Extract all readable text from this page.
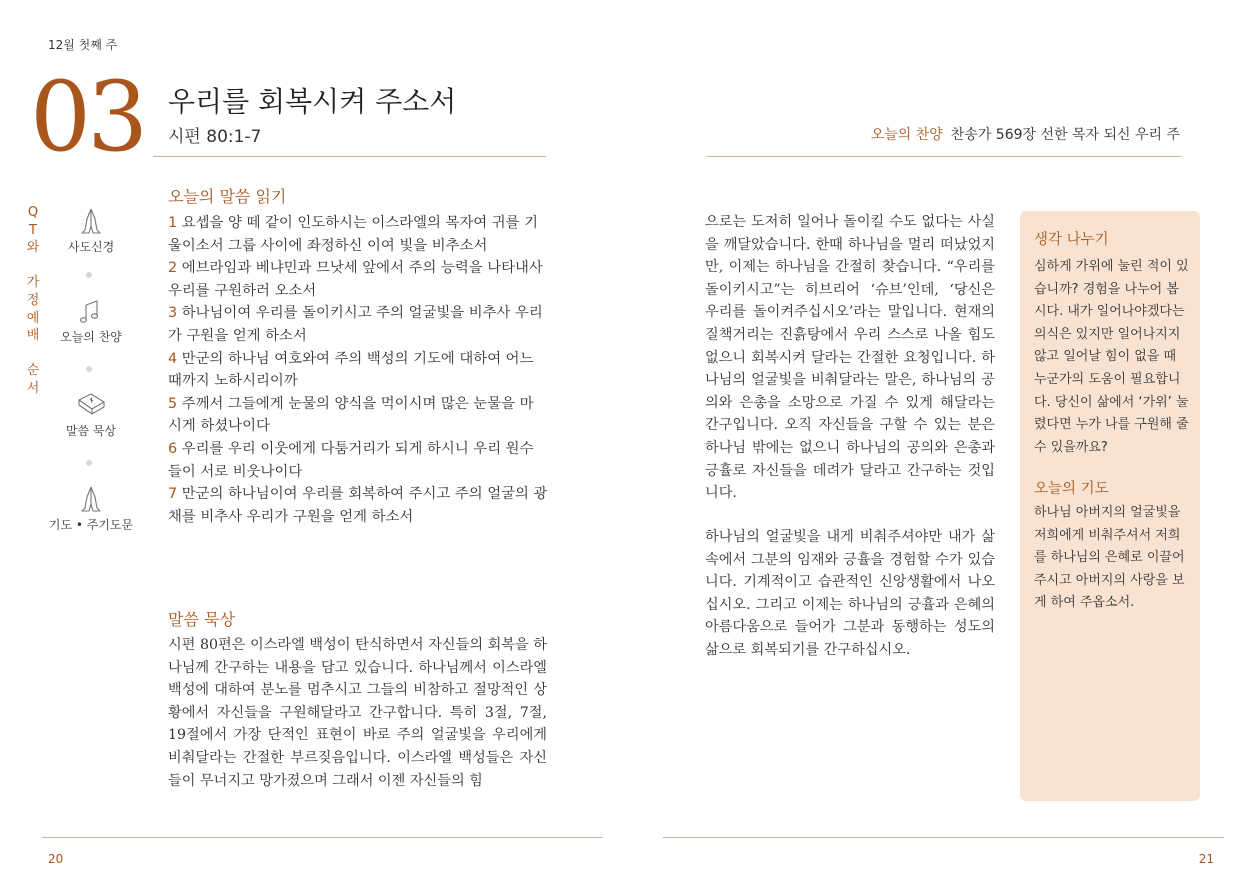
12월 첫째 주
03 우리를 회복시켜 주소서
시편 80:1-7	오늘의 찬양 찬송가 569장 선한 목자 되신 우리 주
Q
T
와
가
정
예
배
순
서
사도신경
오늘의 찬양
말씀 묵상
기도 • 주기도문
오늘의 말씀 읽기
1 요셉을 양 떼 같이 인도하시는 이스라엘의 목자여 귀를 기
울이소서 그룹 사이에 좌정하신 이여 빛을 비추소서
2 에브라임과 베냐민과 므낫세 앞에서 주의 능력을 나타내사
우리를 구원하러 오소서
3 하나님이여 우리를 돌이키시고 주의 얼굴빛을 비추사 우리
가 구원을 얻게 하소서
4 만군의 하나님 여호와여 주의 백성의 기도에 대하여 어느
때까지 노하시리이까
5 주께서 그들에게 눈물의 양식을 먹이시며 많은 눈물을 마
시게 하셨나이다
6 우리를 우리 이웃에게 다툼거리가 되게 하시니 우리 원수
들이 서로 비웃나이다
7 만군의 하나님이여 우리를 회복하여 주시고 주의 얼굴의 광
채를 비추사 우리가 구원을 얻게 하소서
말씀 묵상
시편 80편은 이스라엘 백성이 탄식하면서 자신들의 회복을 하나님께 간구하는 내용을 담고 있습니다. 하나님께서 이스라엘 백성에 대하여 분노를 멈추시고 그들의 비참하고 절망적인 상황에서 자신들을 구원해달라고 간구합니다. 특히 3절, 7절, 19절에서 가장 단적인 표현이 바로 주의 얼굴빛을 우리에게 비춰달라는 간절한 부르짖음입니다. 이스라엘 백성들은 자신들이 무너지고 망가졌으며 그래서 이젠 자신들의 힘
으로는 도저히 일어나 돌이킬 수도 없다는 사실을 깨달았습니다. 한때 하나님을 멀리 떠났었지만, 이제는 하나님을 간절히 찾습니다. “우리를 돌이키시고”는 히브리어 ‘슈브’인데, ‘당신은 우리를 돌이켜주십시오’라는 말입니다. 현재의 질책거리는 진흙탕에서 우리 스스로 나올 힘도 없으니 회복시켜 달라는 간절한 요청입니다. 하나님의 얼굴빛을 비춰달라는 말은, 하나님의 공의와 은총을 소망으로 가질 수 있게 해달라는 간구입니다. 오직 자신들을 구할 수 있는 분은 하나님 밖에는 없으니 하나님의 공의와 은총과 긍휼로 자신들을 데려가 달라고 간구하는 것입니다.
하나님의 얼굴빛을 내게 비춰주셔야만 내가 삶속에서 그분의 임재와 긍휼을 경험할 수가 있습니다. 기계적이고 습관적인 신앙생활에서 나오십시오. 그리고 이제는 하나님의 긍휼과 은혜의 아름다움으로 들어가 그분과 동행하는 성도의 삶으로 회복되기를 간구하십시오.
생각 나누기
심하게 가위에 눌린 적이 있습니까? 경험을 나누어 봅시다. 내가 일어나야겠다는 의식은 있지만 일어나지지 않고 일어날 힘이 없을 때 누군가의 도움이 필요합니다. 당신이 삶에서 ‘가위’ 눌렸다면 누가 나를 구원해 줄 수 있을까요?
오늘의 기도
하나님 아버지의 얼굴빛을 저희에게 비춰주셔서 저희를 하나님의 은혜로 이끌어 주시고 아버지의 사랑을 보게 하여 주옵소서.
20	21
